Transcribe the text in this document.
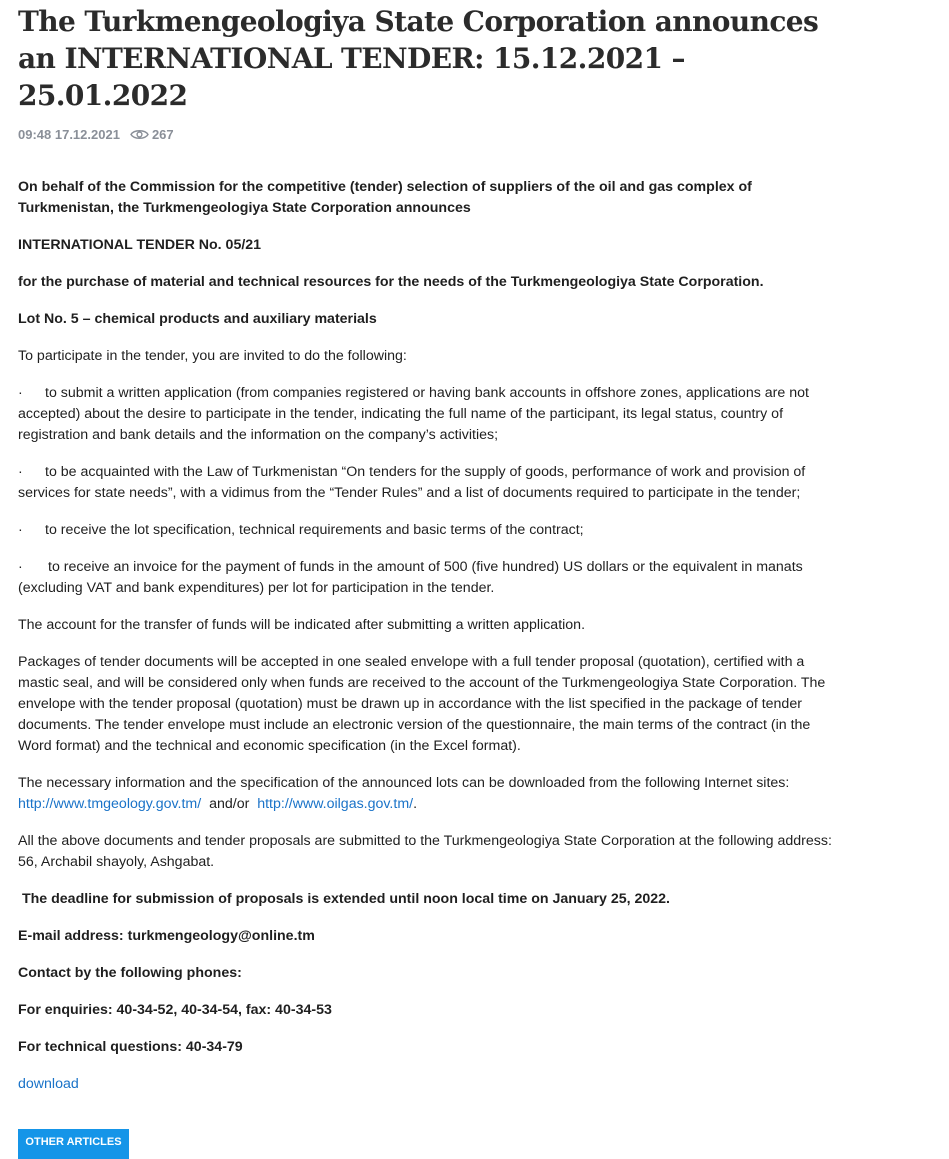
The Turkmengeologiya State Corporation announces an INTERNATIONAL TENDER: 15.12.2021 – 25.01.2022
09:48 17.12.2021 267

On behalf of the Commission for the competitive (tender) selection of suppliers of the oil and gas complex of Turkmenistan, the Turkmengeologiya State Corporation announces

INTERNATIONAL TENDER No. 05/21

for the purchase of material and technical resources for the needs of the Turkmengeologiya State Corporation.

Lot No. 5 – chemical products and auxiliary materials

To participate in the tender, you are invited to do the following:

· to submit a written application (from companies registered or having bank accounts in offshore zones, applications are not accepted) about the desire to participate in the tender, indicating the full name of the participant, its legal status, country of registration and bank details and the information on the company’s activities;

· to be acquainted with the Law of Turkmenistan “On tenders for the supply of goods, performance of work and provision of services for state needs”, with a vidimus from the “Tender Rules” and a list of documents required to participate in the tender;

· to receive the lot specification, technical requirements and basic terms of the contract;

· to receive an invoice for the payment of funds in the amount of 500 (five hundred) US dollars or the equivalent in manats (excluding VAT and bank expenditures) per lot for participation in the tender.

The account for the transfer of funds will be indicated after submitting a written application.

Packages of tender documents will be accepted in one sealed envelope with a full tender proposal (quotation), certified with a mastic seal, and will be considered only when funds are received to the account of the Turkmengeologiya State Corporation. The envelope with the tender proposal (quotation) must be drawn up in accordance with the list specified in the package of tender documents. The tender envelope must include an electronic version of the questionnaire, the main terms of the contract (in the Word format) and the technical and economic specification (in the Excel format).

The necessary information and the specification of the announced lots can be downloaded from the following Internet sites: http://www.tmgeology.gov.tm/ and/or http://www.oilgas.gov.tm/.

All the above documents and tender proposals are submitted to the Turkmengeologiya State Corporation at the following address: 56, Archabil shayoly, Ashgabat.

The deadline for submission of proposals is extended until noon local time on January 25, 2022.

E-mail address: turkmengeology@online.tm

Contact by the following phones:

For enquiries: 40-34-52, 40-34-54, fax: 40-34-53

For technical questions: 40-34-79

download

OTHER ARTICLES
